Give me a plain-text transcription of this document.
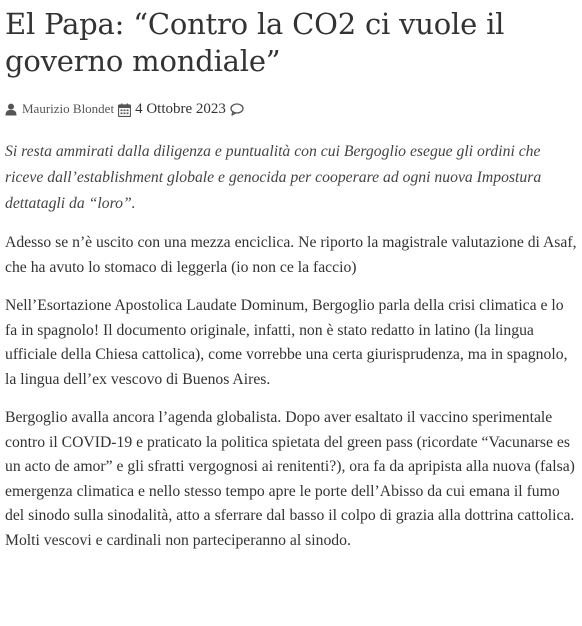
El Papa: “Contro la CO2 ci vuole il governo mondiale”
Maurizio Blondet 4 Ottobre 2023

Si resta ammirati dalla diligenza e puntualità con cui Bergoglio esegue gli ordini che riceve dall’establishment globale e genocida per cooperare ad ogni nuova Impostura dettatagli da “loro”.

Adesso se n’è uscito con una mezza enciclica. Ne riporto la magistrale valutazione di Asaf, che ha avuto lo stomaco di leggerla (io non ce la faccio)

Nell’Esortazione Apostolica Laudate Dominum, Bergoglio parla della crisi climatica e lo fa in spagnolo! Il documento originale, infatti, non è stato redatto in latino (la lingua ufficiale della Chiesa cattolica), come vorrebbe una certa giurisprudenza, ma in spagnolo, la lingua dell’ex vescovo di Buenos Aires.

Bergoglio avalla ancora l’agenda globalista. Dopo aver esaltato il vaccino sperimentale contro il COVID-19 e praticato la politica spietata del green pass (ricordate “Vacunarse es un acto de amor” e gli sfratti vergognosi ai renitenti?), ora fa da apripista alla nuova (falsa) emergenza climatica e nello stesso tempo apre le porte dell’Abisso da cui emana il fumo del sinodo sulla sinodalità, atto a sferrare dal basso il colpo di grazia alla dottrina cattolica. Molti vescovi e cardinali non parteciperanno al sinodo.
